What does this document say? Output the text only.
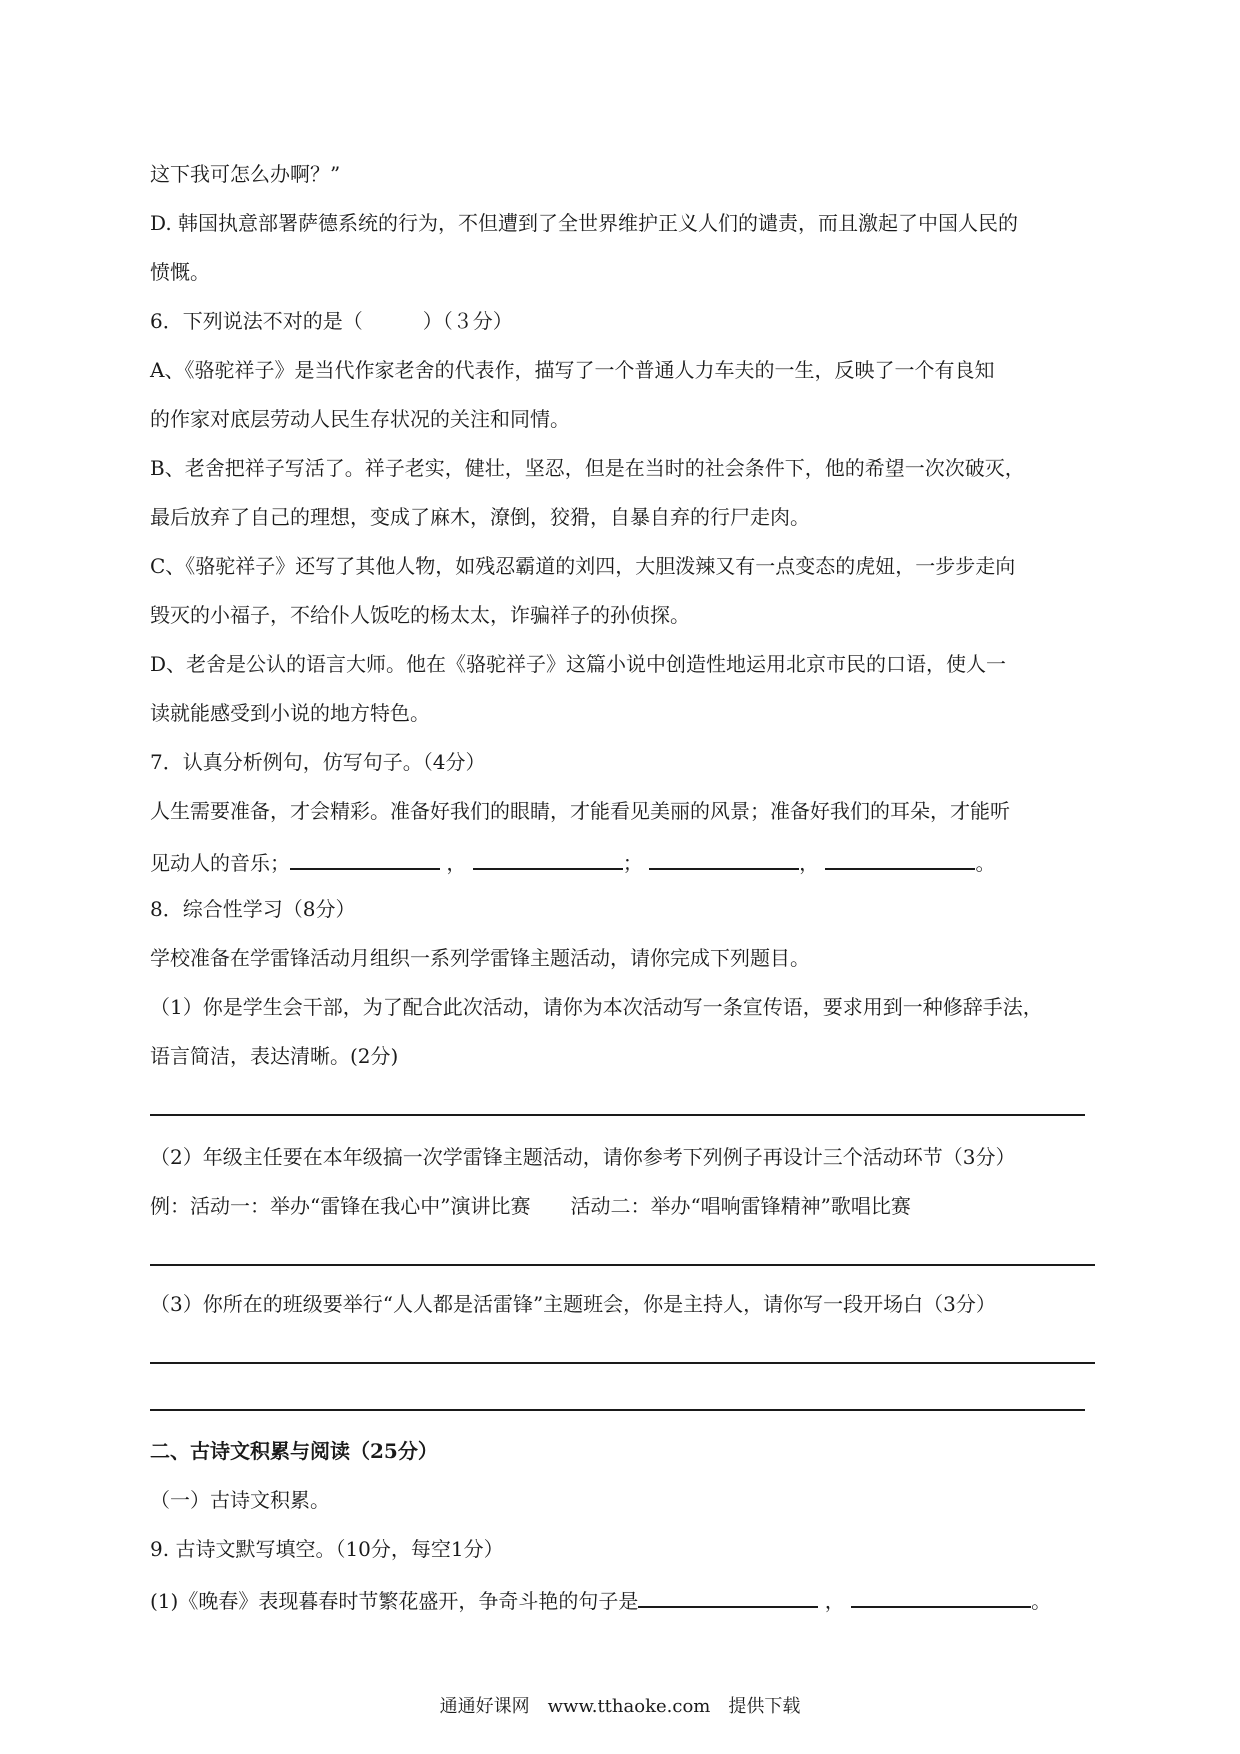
这下我可怎么办啊？”
D. 韩国执意部署萨德系统的行为，不但遭到了全世界维护正义人们的谴责，而且激起了中国人民的
愤慨。
6．下列说法不对的是（　　　）（３分）
A、《骆驼祥子》是当代作家老舍的代表作，描写了一个普通人力车夫的一生，反映了一个有良知
的作家对底层劳动人民生存状况的关注和同情。
B、老舍把祥子写活了。祥子老实，健壮，坚忍，但是在当时的社会条件下，他的希望一次次破灭，
最后放弃了自己的理想，变成了麻木，潦倒，狡猾，自暴自弃的行尸走肉。
C、《骆驼祥子》还写了其他人物，如残忍霸道的刘四，大胆泼辣又有一点变态的虎妞，一步步走向
毁灭的小福子，不给仆人饭吃的杨太太，诈骗祥子的孙侦探。
D、老舍是公认的语言大师。他在《骆驼祥子》这篇小说中创造性地运用北京市民的口语，使人一
读就能感受到小说的地方特色。
7．认真分析例句，仿写句子。（4分）
人生需要准备，才会精彩。准备好我们的眼睛，才能看见美丽的风景；准备好我们的耳朵，才能听
见动人的音乐；	，	；	，	。
8．综合性学习（8分）
学校准备在学雷锋活动月组织一系列学雷锋主题活动，请你完成下列题目。
（1）你是学生会干部，为了配合此次活动，请你为本次活动写一条宣传语，要求用到一种修辞手法，
语言简洁，表达清晰。(2分)
（2）年级主任要在本年级搞一次学雷锋主题活动，请你参考下列例子再设计三个活动环节（3分）
例：活动一：举办“雷锋在我心中”演讲比赛　　活动二：举办“唱响雷锋精神”歌唱比赛
（3）你所在的班级要举行“人人都是活雷锋”主题班会，你是主持人，请你写一段开场白（3分）
二、古诗文积累与阅读（25分）
（一）古诗文积累。
9. 古诗文默写填空。（10分，每空1分）
(1)《晚春》表现暮春时节繁花盛开，争奇斗艳的句子是	，	。
通通好课网　www.tthaoke.com　提供下载
